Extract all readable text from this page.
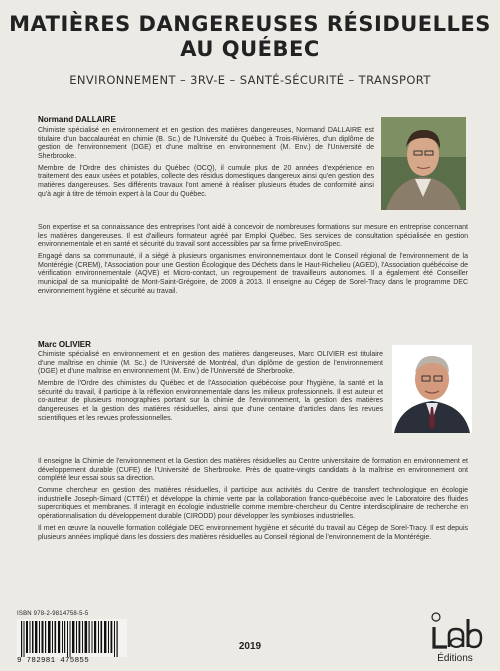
MATIÈRES DANGEREUSES RÉSIDUELLES
AU QUÉBEC
ENVIRONNEMENT – 3RV-E – SANTÉ-SÉCURITÉ – TRANSPORT
Normand DALLAIRE

Chimiste spécialisé en environnement et en gestion des matières dangereuses, Normand DALLAIRE est titulaire d'un baccalauréat en chimie (B. Sc.) de l'Université du Québec à Trois-Rivières, d'un diplôme de gestion de l'environnement (DGE) et d'une maîtrise en environnement (M. Env.) de l'Université de Sherbrooke.

Membre de l'Ordre des chimistes du Québec (OCQ), il cumule plus de 20 années d'expérience en traitement des eaux usées et potables, collecte des résidus domestiques dangereux ainsi qu'en gestion des matières dangereuses. Ses différents travaux l'ont amené à réaliser plusieurs études de conformité ainsi qu'à agir à titre de témoin expert à la Cour du Québec.

Son expertise et sa connaissance des entreprises l'ont aidé à concevoir de nombreuses formations sur mesure en entreprise concernant les matières dangereuses. Il est d'ailleurs formateur agréé par Emploi Québec. Ses services de consultation spécialisée en gestion environnementale et en santé et sécurité du travail sont accessibles par sa firme priveEnviroSpec.

Engagé dans sa communauté, il a siégé à plusieurs organismes environnementaux dont le Conseil régional de l'environnement de la Montérégie (CREM), l'Association pour une Gestion Écologique des Déchets dans le Haut-Richelieu (AGED), l'Association québécoise de vérification environnementale (AQVE) et Micro-contact, un regroupement de travailleurs autonomes. Il a également été Conseiller municipal de sa municipalité de Mont-Saint-Grégoire, de 2009 à 2013. Il enseigne au Cégep de Sorel-Tracy dans le programme DEC environnement hygiène et sécurité au travail.

Marc OLIVIER

Chimiste spécialisé en environnement et en gestion des matières dangereuses, Marc OLIVIER est titulaire d'une maîtrise en chimie (M. Sc.) de l'Université de Montréal, d'un diplôme de gestion de l'environnement (DGE) et d'une maîtrise en environnement (M. Env.) de l'Université de Sherbrooke.

Membre de l'Ordre des chimistes du Québec et de l'Association québécoise pour l'hygiène, la santé et la sécurité du travail, il participe à la réflexion environnementale dans les milieux professionnels. Il est auteur et co-auteur de plusieurs monographies portant sur la chimie de l'environnement, la gestion des matières dangereuses et la gestion des matières résiduelles, ainsi que d'une centaine d'articles dans les revues scientifiques et les revues professionnelles.

Il enseigne la Chimie de l'environnement et la Gestion des matières résiduelles au Centre universitaire de formation en environnement et développement durable (CUFE) de l'Université de Sherbrooke. Près de quatre-vingts candidats à la maîtrise en environnement ont complété leur essai sous sa direction.

Comme chercheur en gestion des matières résiduelles, il participe aux activités du Centre de transfert technologique en écologie industrielle Joseph-Simard (CTTÉI) et développe la chimie verte par la collaboration franco-québécoise avec le Laboratoire des fluides supercritiques et membranes. Il interagit en écologie industrielle comme membre-chercheur du Centre interdisciplinaire de recherche en opérationnalisation du développement durable (CIRODD) pour développer les symbioses industrielles.

Il met en œuvre la nouvelle formation collégiale DEC environnement hygiène et sécurité du travail au Cégep de Sorel-Tracy. Il est depuis plusieurs années impliqué dans les dossiers des matières résiduelles au Conseil régional de l'environnement de la Montérégie.

ISBN 978-2-9814758-5-5
9 782981 475855
2019
Éditions
